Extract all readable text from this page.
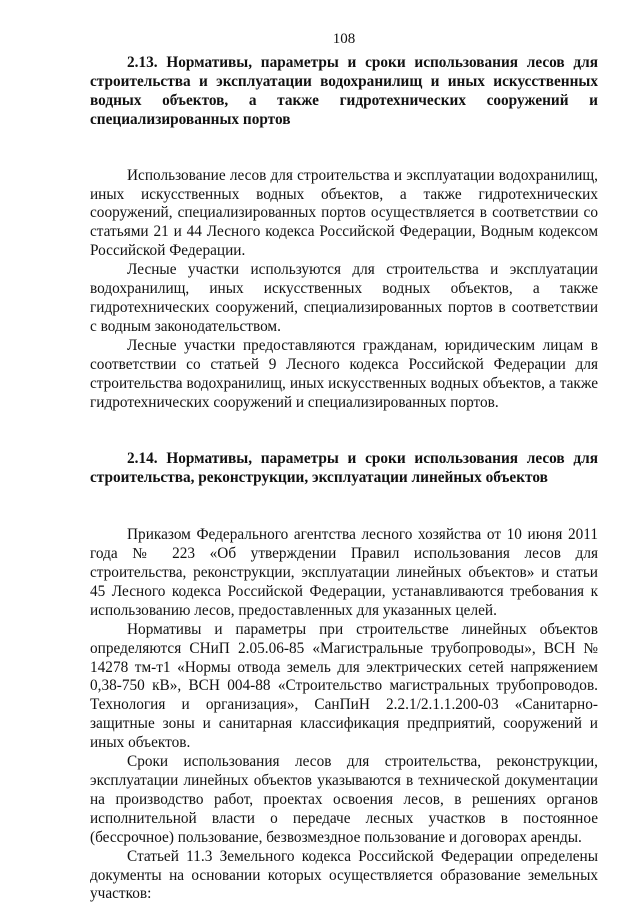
108
2.13. Нормативы, параметры и сроки использования лесов для строительства и эксплуатации водохранилищ и иных искусственных водных объектов, а также гидротехнических сооружений и специализированных портов

Использование лесов для строительства и эксплуатации водохранилищ, иных искусственных водных объектов, а также гидротехнических сооружений, специализированных портов осуществляется в соответствии со статьями 21 и 44 Лесного кодекса Российской Федерации, Водным кодексом Российской Федерации.

Лесные участки используются для строительства и эксплуатации водохранилищ, иных искусственных водных объектов, а также гидротехнических сооружений, специализированных портов в соответствии с водным законодательством.

Лесные участки предоставляются гражданам, юридическим лицам в соответствии со статьей 9 Лесного кодекса Российской Федерации для строительства водохранилищ, иных искусственных водных объектов, а также гидротехнических сооружений и специализированных портов.

2.14. Нормативы, параметры и сроки использования лесов для строительства, реконструкции, эксплуатации линейных объектов

Приказом Федерального агентства лесного хозяйства от 10 июня 2011 года № 223 «Об утверждении Правил использования лесов для строительства, реконструкции, эксплуатации линейных объектов» и статьи 45 Лесного кодекса Российской Федерации, устанавливаются требования к использованию лесов, предоставленных для указанных целей.

Нормативы и параметры при строительстве линейных объектов определяются СНиП 2.05.06-85 «Магистральные трубопроводы», ВСН № 14278 тм-т1 «Нормы отвода земель для электрических сетей напряжением 0,38-750 кВ», ВСН 004-88 «Строительство магистральных трубопроводов. Технология и организация», СанПиН 2.2.1/2.1.1.200-03 «Санитарно-защитные зоны и санитарная классификация предприятий, сооружений и иных объектов.

Сроки использования лесов для строительства, реконструкции, эксплуатации линейных объектов указываются в технической документации на производство работ, проектах освоения лесов, в решениях органов исполнительной власти о передаче лесных участков в постоянное (бессрочное) пользование, безвозмездное пользование и договорах аренды.

Статьей 11.3 Земельного кодекса Российской Федерации определены документы на основании которых осуществляется образование земельных участков:
